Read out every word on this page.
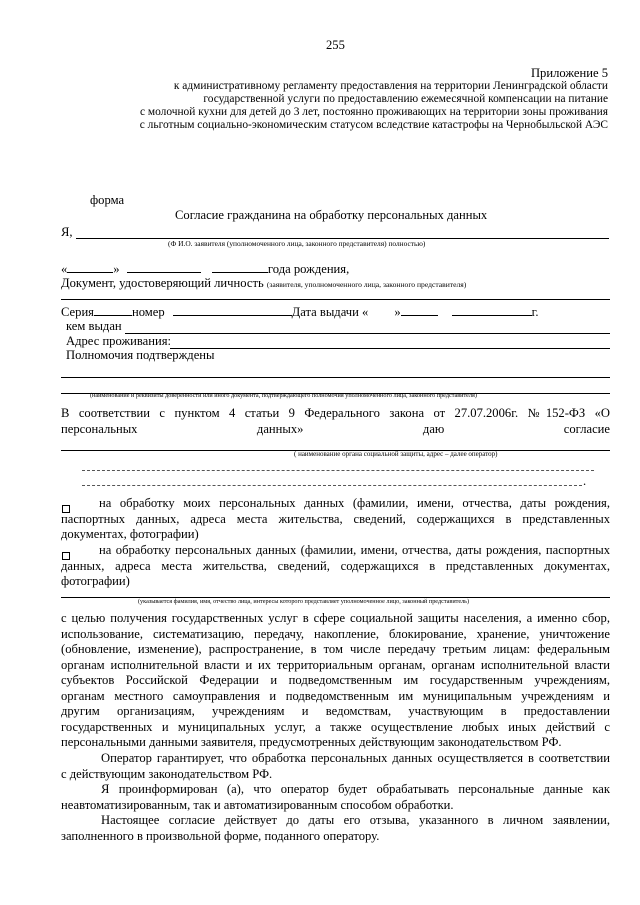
255
Приложение 5
к административному регламенту предоставления на территории Ленинградской области
государственной услуги по предоставлению ежемесячной компенсации на питание
с молочной кухни для детей до 3 лет, постоянно проживающих на территории зоны проживания
с льготным социально-экономическим статусом вследствие катастрофы на Чернобыльской АЭС
форма
Согласие гражданина на обработку персональных данных
Я,
(Ф И.О. заявителя (уполномоченного лица, законного представителя) полностью)
«	»	года рождения,
Документ, удостоверяющий личность (заявителя, уполномоченного лица, законного представителя)
Серия	номер	Дата выдачи « »	г.
кем выдан
Адрес проживания:
Полномочия подтверждены
(наименование и реквизиты доверенности или иного документа, подтверждающего полномочия уполномоченного лица, законного представителя)
В соответствии с пунктом 4 статьи 9 Федерального закона от 27.07.2006г. №152-ФЗ «О
персональных данных» даю согласие
( наименование органа социальной защиты, адрес – далее оператор)
.
на обработку моих персональных данных (фамилии, имени, отчества, даты рождения,
паспортных данных, адреса места жительства, сведений, содержащихся в представленных
документах, фотографии)
на обработку персональных данных (фамилии, имени, отчества, даты рождения, паспортных
данных, адреса места жительства, сведений, содержащихся в представленных документах,
фотографии)
(указывается фамилия, имя, отчество лица, интересы которого представляет уполномоченное лицо, законный представитель)
с целью получения государственных услуг в сфере социальной защиты населения, а именно сбор,
использование, систематизацию, передачу, накопление, блокирование, хранение, уничтожение
(обновление, изменение), распространение, в том числе передачу третьим лицам: федеральным
органам исполнительной власти и их территориальным органам, органам исполнительной власти
субъектов Российской Федерации и подведомственным им государственным учреждениям,
органам местного самоуправления и подведомственным им муниципальным учреждениям и
другим организациям, учреждениям и ведомствам, участвующим в предоставлении
государственных и муниципальных услуг, а также осуществление любых иных действий с
персональными данными заявителя, предусмотренных действующим законодательством РФ.
Оператор гарантирует, что обработка персональных данных осуществляется в соответствии
с действующим законодательством РФ.
Я проинформирован (а), что оператор будет обрабатывать персональные данные как
неавтоматизированным, так и автоматизированным способом обработки.
Настоящее согласие действует до даты его отзыва, указанного в личном заявлении,
заполненного в произвольной форме, поданного оператору.
